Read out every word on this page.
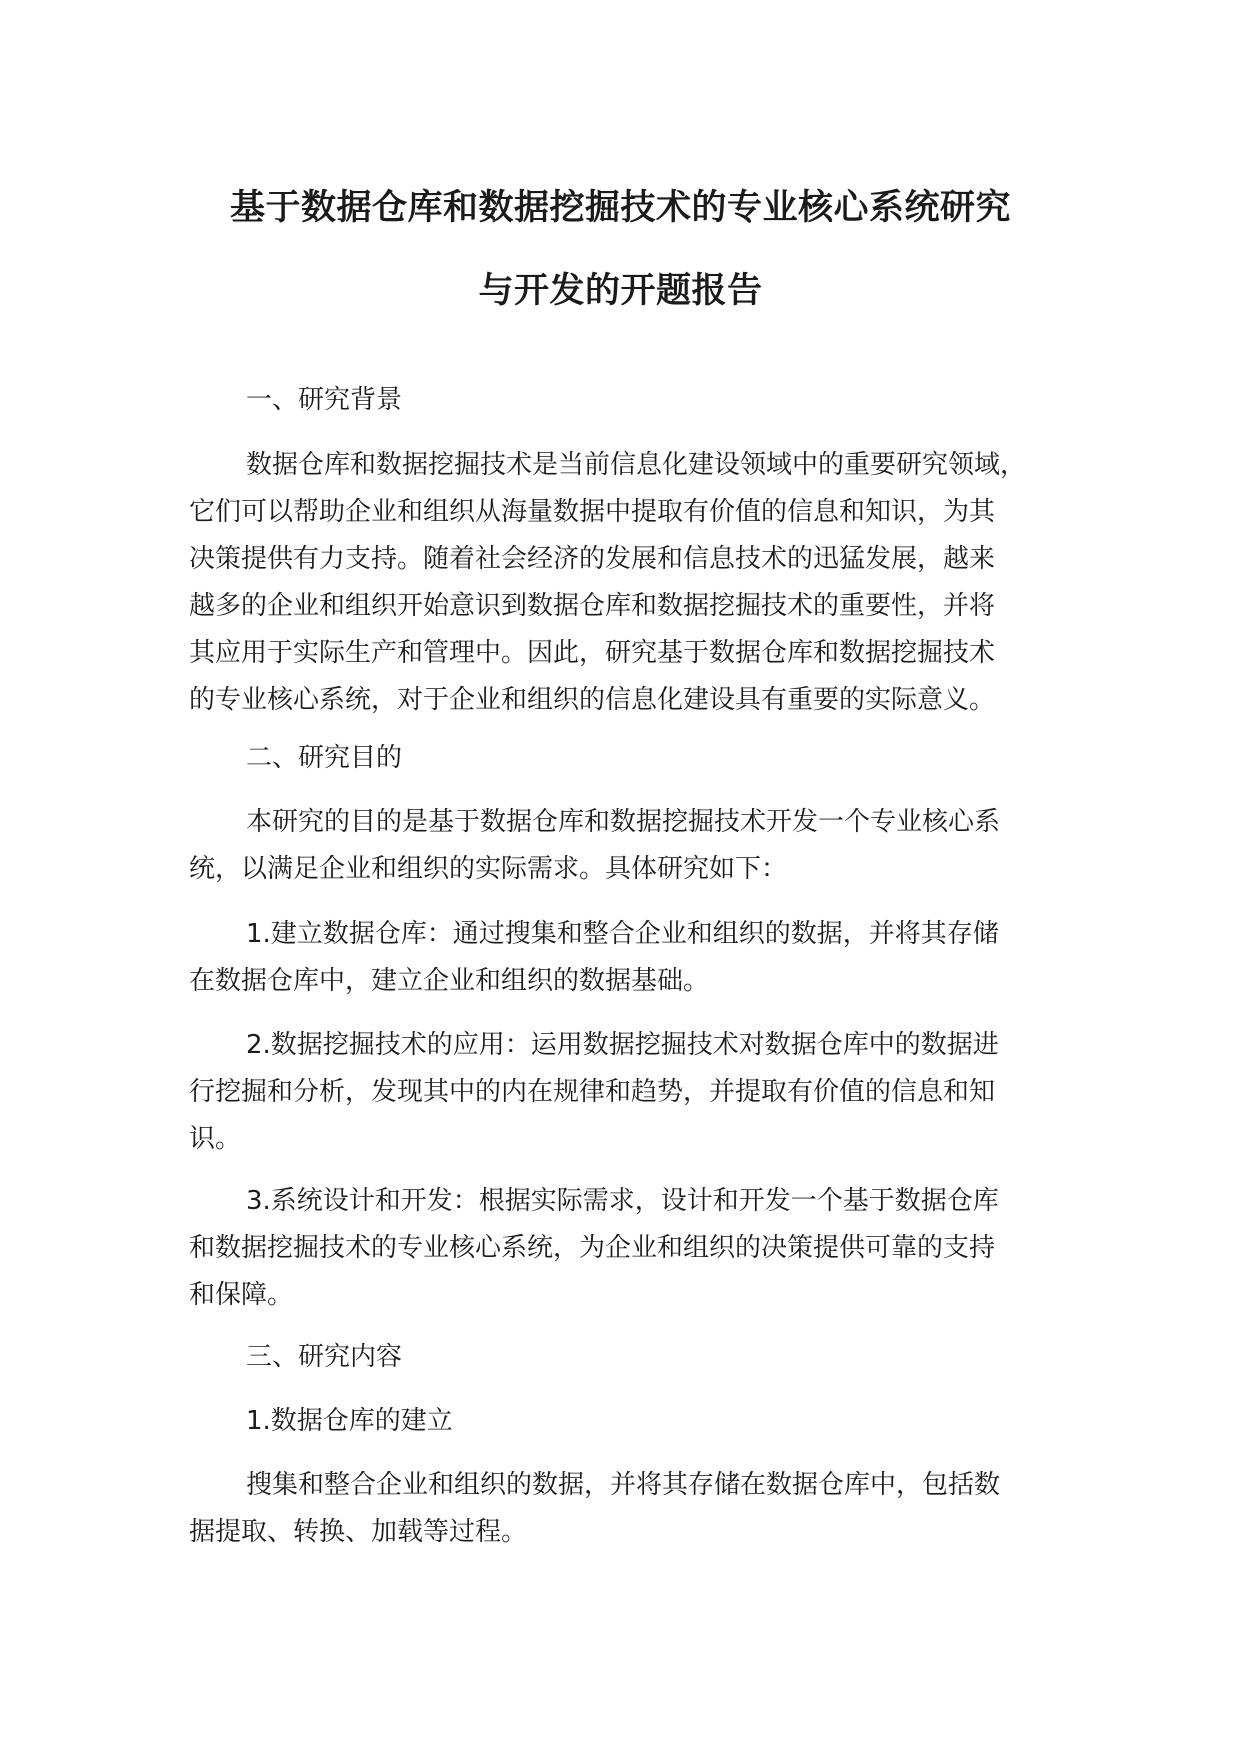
基于数据仓库和数据挖掘技术的专业核心系统研究
与开发的开题报告
一、研究背景
数据仓库和数据挖掘技术是当前信息化建设领域中的重要研究领域，
它们可以帮助企业和组织从海量数据中提取有价值的信息和知识，为其
决策提供有力支持。随着社会经济的发展和信息技术的迅猛发展，越来
越多的企业和组织开始意识到数据仓库和数据挖掘技术的重要性，并将
其应用于实际生产和管理中。因此，研究基于数据仓库和数据挖掘技术
的专业核心系统，对于企业和组织的信息化建设具有重要的实际意义。
二、研究目的
本研究的目的是基于数据仓库和数据挖掘技术开发一个专业核心系
统，以满足企业和组织的实际需求。具体研究如下：
1.建立数据仓库：通过搜集和整合企业和组织的数据，并将其存储
在数据仓库中，建立企业和组织的数据基础。
2.数据挖掘技术的应用：运用数据挖掘技术对数据仓库中的数据进
行挖掘和分析，发现其中的内在规律和趋势，并提取有价值的信息和知
识。
3.系统设计和开发：根据实际需求，设计和开发一个基于数据仓库
和数据挖掘技术的专业核心系统，为企业和组织的决策提供可靠的支持
和保障。
三、研究内容
1.数据仓库的建立
搜集和整合企业和组织的数据，并将其存储在数据仓库中，包括数
据提取、转换、加载等过程。
